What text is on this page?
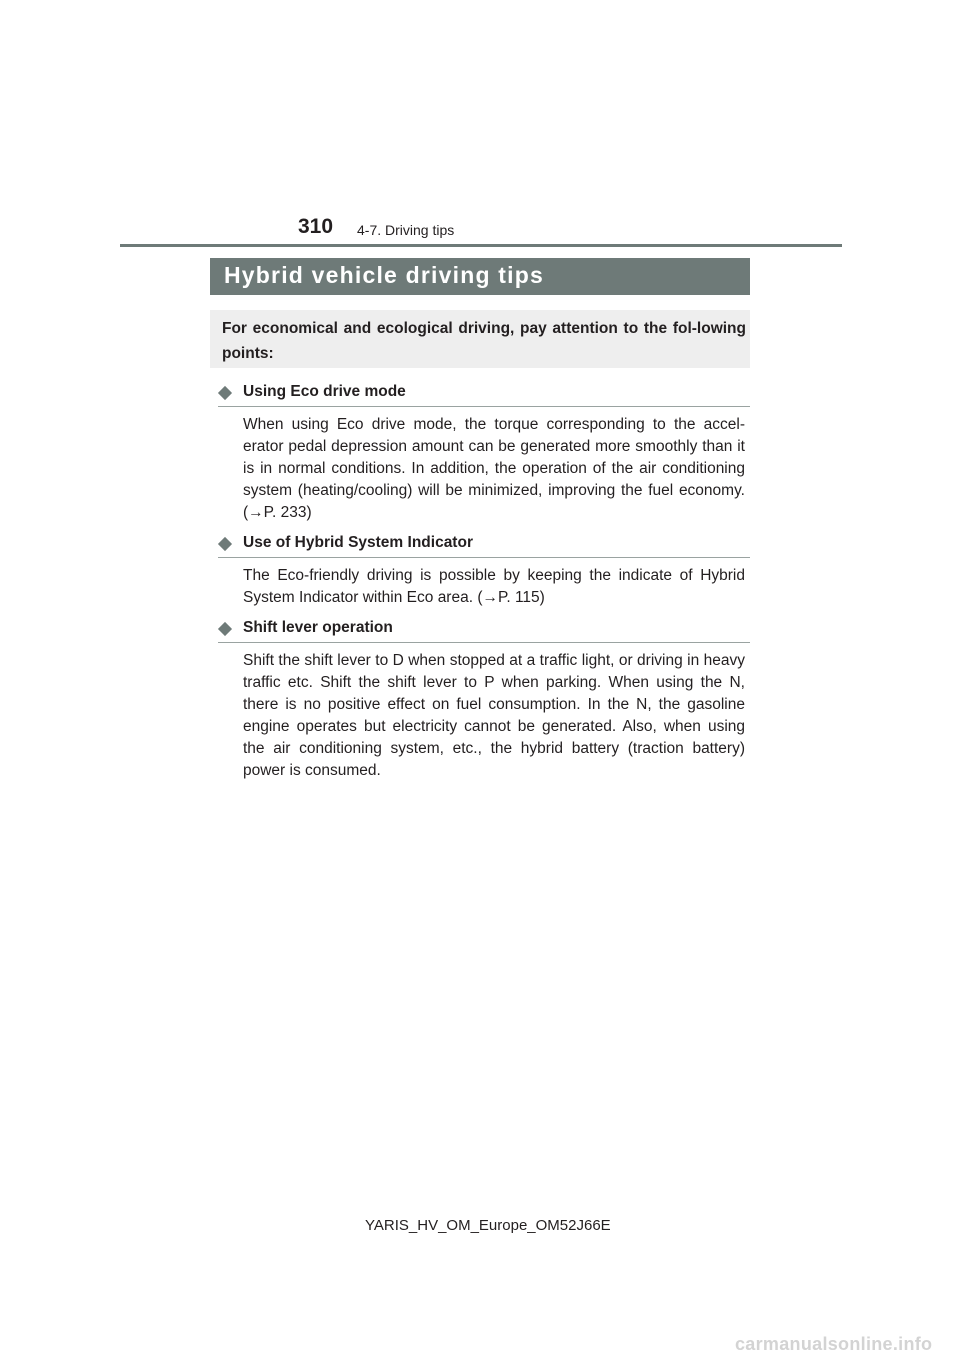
310 4-7. Driving tips
Hybrid vehicle driving tips
For economical and ecological driving, pay attention to the fol-lowing points:
Using Eco drive mode
When using Eco drive mode, the torque corresponding to the accel-erator pedal depression amount can be generated more smoothly than it is in normal conditions. In addition, the operation of the air conditioning system (heating/cooling) will be minimized, improving the fuel economy. (→P. 233)
Use of Hybrid System Indicator
The Eco-friendly driving is possible by keeping the indicate of Hybrid System Indicator within Eco area. (→P. 115)
Shift lever operation
Shift the shift lever to D when stopped at a traffic light, or driving in heavy traffic etc. Shift the shift lever to P when parking. When using the N, there is no positive effect on fuel consumption. In the N, the gasoline engine operates but electricity cannot be generated. Also, when using the air conditioning system, etc., the hybrid battery (traction battery) power is consumed.
YARIS_HV_OM_Europe_OM52J66E
carmanualsonline.info
